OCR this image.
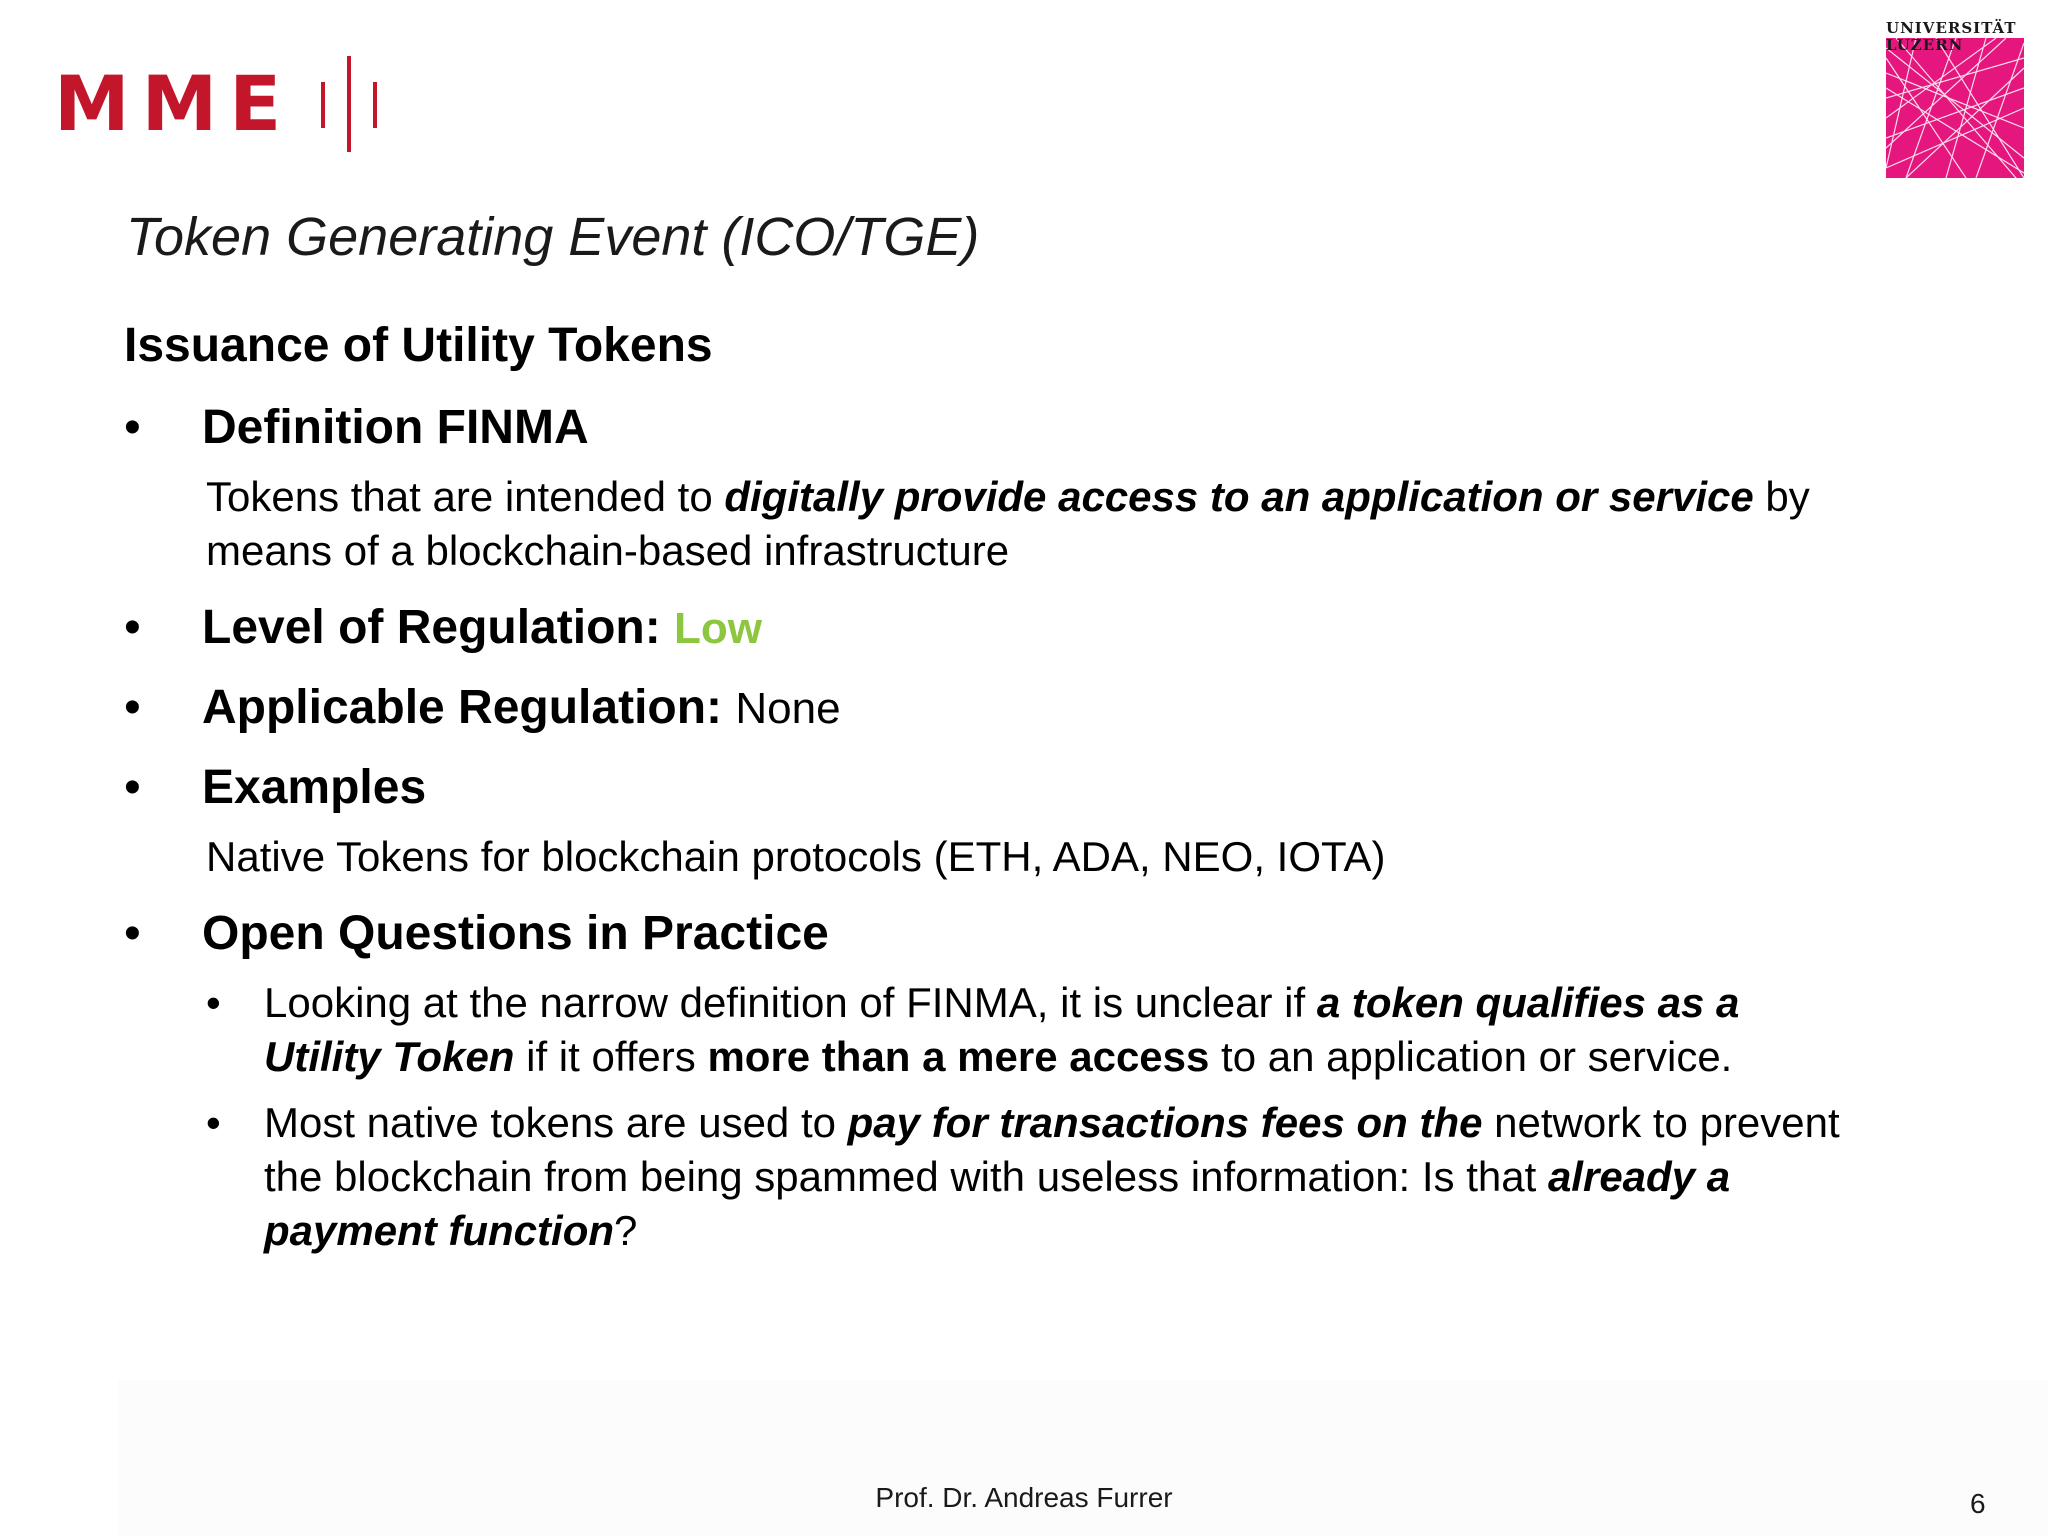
MME
UNIVERSITÄT
LUZERN
Token Generating Event (ICO/TGE)
Issuance of Utility Tokens
• Definition FINMA
Tokens that are intended to digitally provide access to an application or service by
means of a blockchain-based infrastructure
• Level of Regulation: Low
• Applicable Regulation: None
• Examples
Native Tokens for blockchain protocols (ETH, ADA, NEO, IOTA)
• Open Questions in Practice
• Looking at the narrow definition of FINMA, it is unclear if a token qualifies as a
Utility Token if it offers more than a mere access to an application or service.
• Most native tokens are used to pay for transactions fees on the network to prevent
the blockchain from being spammed with useless information: Is that already a
payment function?
Prof. Dr. Andreas Furrer	6
